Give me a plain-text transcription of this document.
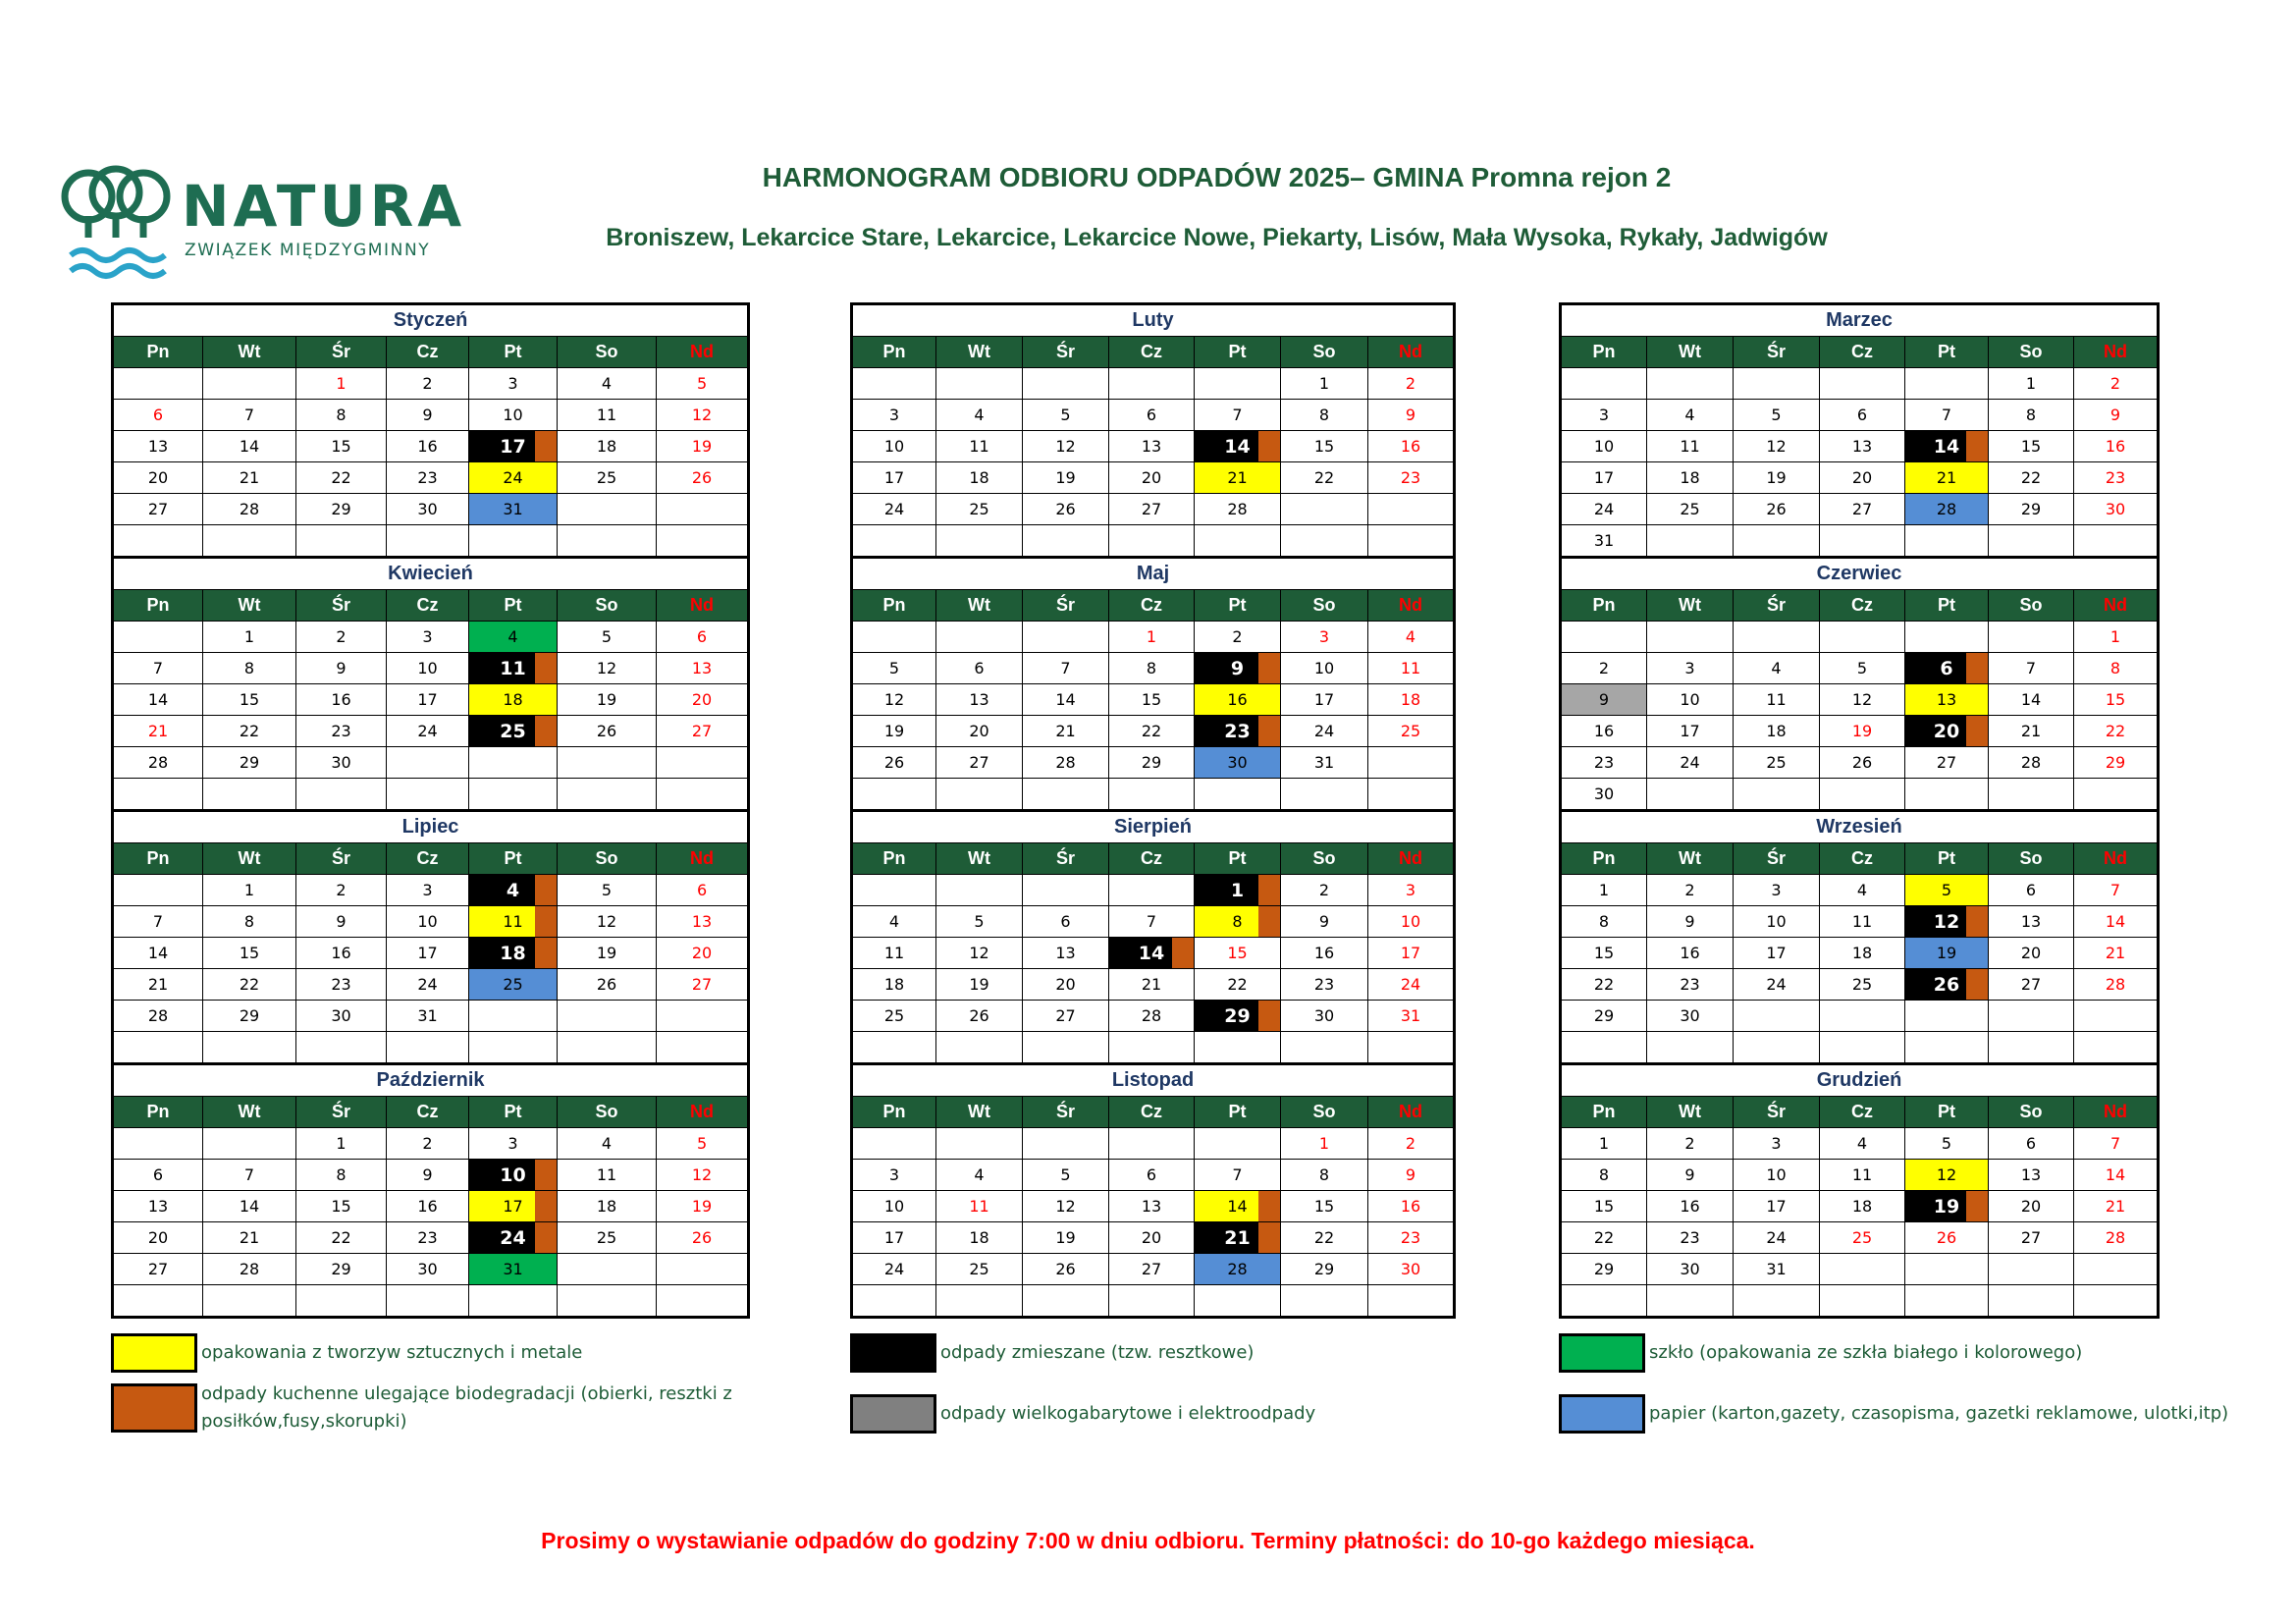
NATURA
ZWIĄZEK MIĘDZYGMINNY
HARMONOGRAM ODBIORU ODPADÓW 2025– GMINA Promna rejon 2
Broniszew, Lekarcice Stare, Lekarcice, Lekarcice Nowe, Piekarty, Lisów, Mała Wysoka, Rykały, Jadwigów
Styczeń						
Pn	Wt	Śr	Cz	Pt	So	Nd
		1	2	3	4	5
6	7	8	9	10	11	12
13	14	15	16	17	18	19
20	21	22	23	24	25	26
27	28	29	30	31		

Luty						
Pn	Wt	Śr	Cz	Pt	So	Nd
					1	2
3	4	5	6	7	8	9
10	11	12	13	14	15	16
17	18	19	20	21	22	23
24	25	26	27	28		

Marzec						
Pn	Wt	Śr	Cz	Pt	So	Nd
					1	2
3	4	5	6	7	8	9
10	11	12	13	14	15	16
17	18	19	20	21	22	23
24	25	26	27	28	29	30
31						
Kwiecień						
Pn	Wt	Śr	Cz	Pt	So	Nd
	1	2	3	4	5	6
7	8	9	10	11	12	13
14	15	16	17	18	19	20
21	22	23	24	25	26	27
28	29	30				

Maj						
Pn	Wt	Śr	Cz	Pt	So	Nd
			1	2	3	4
5	6	7	8	9	10	11
12	13	14	15	16	17	18
19	20	21	22	23	24	25
26	27	28	29	30	31	

Czerwiec						
Pn	Wt	Śr	Cz	Pt	So	Nd
						1
2	3	4	5	6	7	8
9	10	11	12	13	14	15
16	17	18	19	20	21	22
23	24	25	26	27	28	29
30						
Lipiec						
Pn	Wt	Śr	Cz	Pt	So	Nd
	1	2	3	4	5	6
7	8	9	10	11	12	13
14	15	16	17	18	19	20
21	22	23	24	25	26	27
28	29	30	31			

Sierpień						
Pn	Wt	Śr	Cz	Pt	So	Nd
				1	2	3
4	5	6	7	8	9	10
11	12	13	14	15	16	17
18	19	20	21	22	23	24
25	26	27	28	29	30	31

Wrzesień						
Pn	Wt	Śr	Cz	Pt	So	Nd
1	2	3	4	5	6	7
8	9	10	11	12	13	14
15	16	17	18	19	20	21
22	23	24	25	26	27	28
29	30					

Październik						
Pn	Wt	Śr	Cz	Pt	So	Nd
		1	2	3	4	5
6	7	8	9	10	11	12
13	14	15	16	17	18	19
20	21	22	23	24	25	26
27	28	29	30	31		

Listopad						
Pn	Wt	Śr	Cz	Pt	So	Nd
					1	2
3	4	5	6	7	8	9
10	11	12	13	14	15	16
17	18	19	20	21	22	23
24	25	26	27	28	29	30

Grudzień						
Pn	Wt	Śr	Cz	Pt	So	Nd
1	2	3	4	5	6	7
8	9	10	11	12	13	14
15	16	17	18	19	20	21
22	23	24	25	26	27	28
29	30	31				

opakowania z tworzyw sztucznych i metale	odpady zmieszane (tzw. resztkowe)	szkło (opakowania ze szkła białego i kolorowego)
odpady kuchenne ulegające biodegradacji (obierki, resztki z posiłków,fusy,skorupki)	odpady wielkogabarytowe i elektroodpady	papier (karton,gazety, czasopisma, gazetki reklamowe, ulotki,itp)
Prosimy o wystawianie odpadów do godziny 7:00 w dniu odbioru. Terminy płatności: do 10-go każdego miesiąca.
